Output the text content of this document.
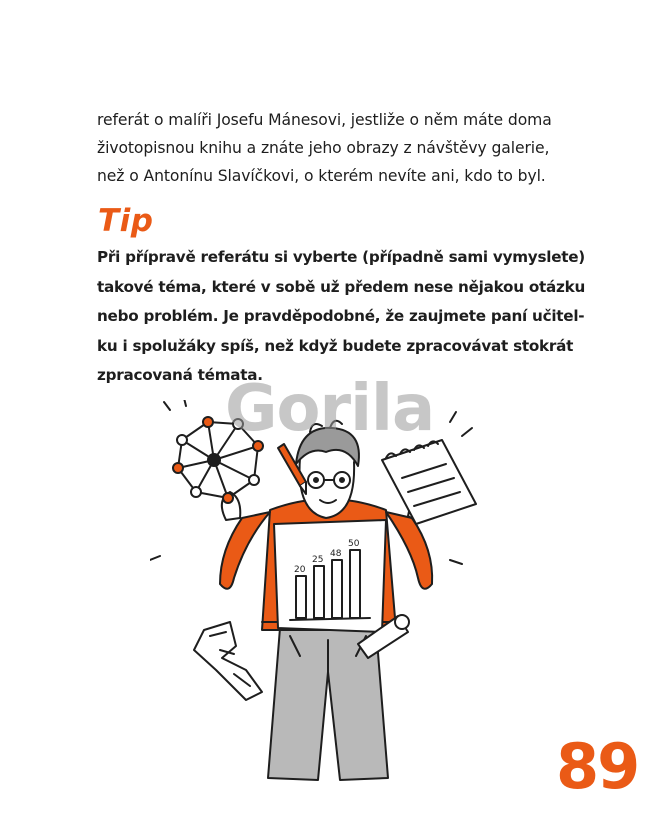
referát o malíři Josefu Mánesovi, jestliže o něm máte doma
životopisnou knihu a znáte jeho obrazy z návštěvy galerie,
než o Antonínu Slavíčkovi, o kterém nevíte ani, kdo to byl.
Tip
Při přípravě referátu si vyberte (případně sami vymyslete)
takové téma, které v sobě už předem nese nějakou otázku
nebo problém. Je pravděpodobné, že zaujmete paní učitel-
ku i spolužáky spíš, než když budete zpracovávat stokrát
zpracovaná témata.
20
25
48
50
Gorila
89
